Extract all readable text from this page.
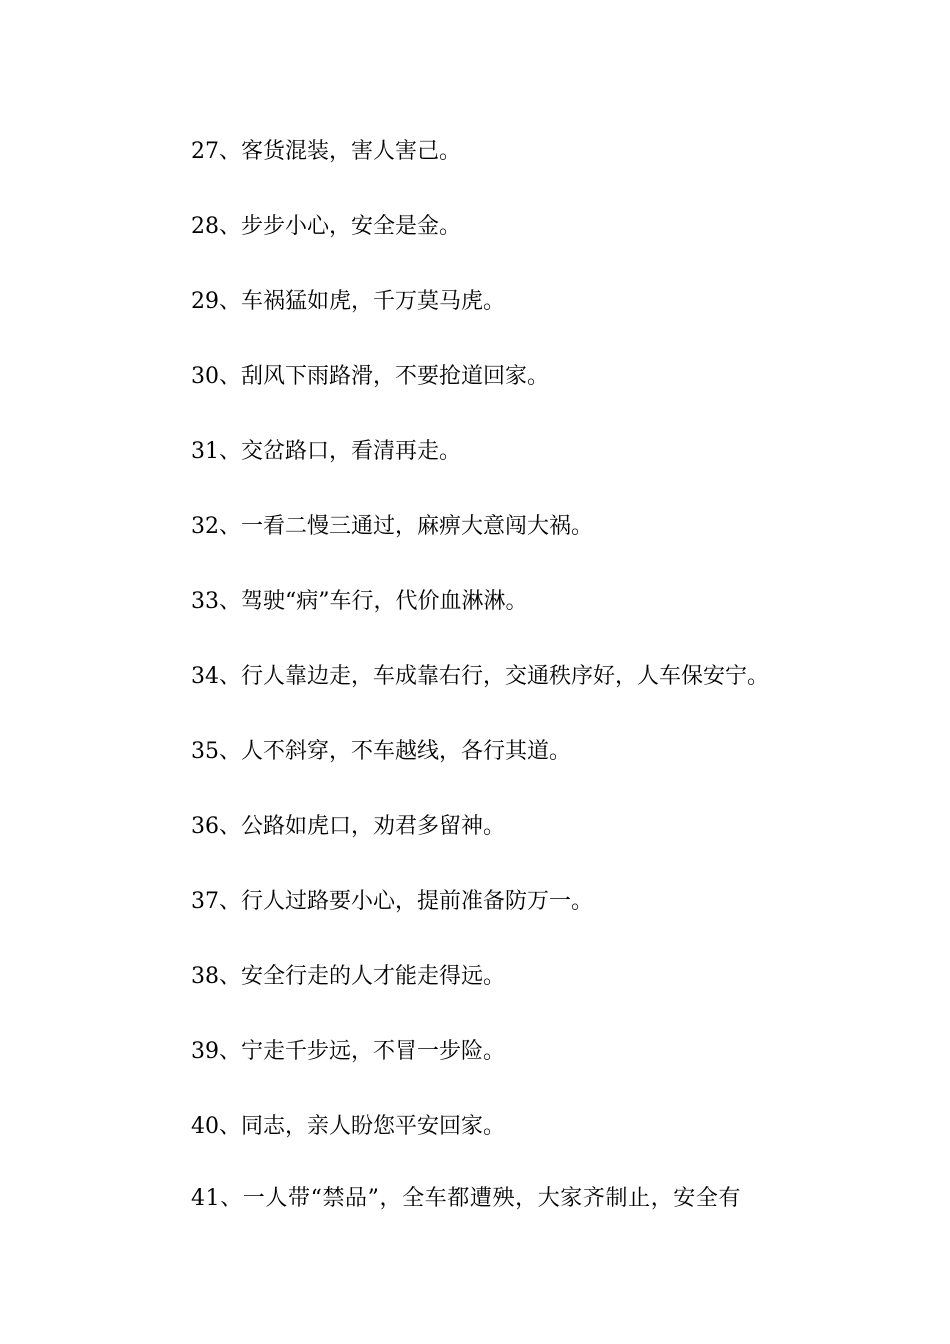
27、客货混装，害人害己。
28、步步小心，安全是金。
29、车祸猛如虎，千万莫马虎。
30、刮风下雨路滑，不要抢道回家。
31、交岔路口，看清再走。
32、一看二慢三通过，麻痹大意闯大祸。
33、驾驶“病”车行，代价血淋淋。
34、行人靠边走，车成靠右行，交通秩序好，人车保安宁。
35、人不斜穿，不车越线，各行其道。
36、公路如虎口，劝君多留神。
37、行人过路要小心，提前准备防万一。
38、安全行走的人才能走得远。
39、宁走千步远，不冒一步险。
40、同志，亲人盼您平安回家。
41、一人带“禁品”，全车都遭殃，大家齐制止，安全有
